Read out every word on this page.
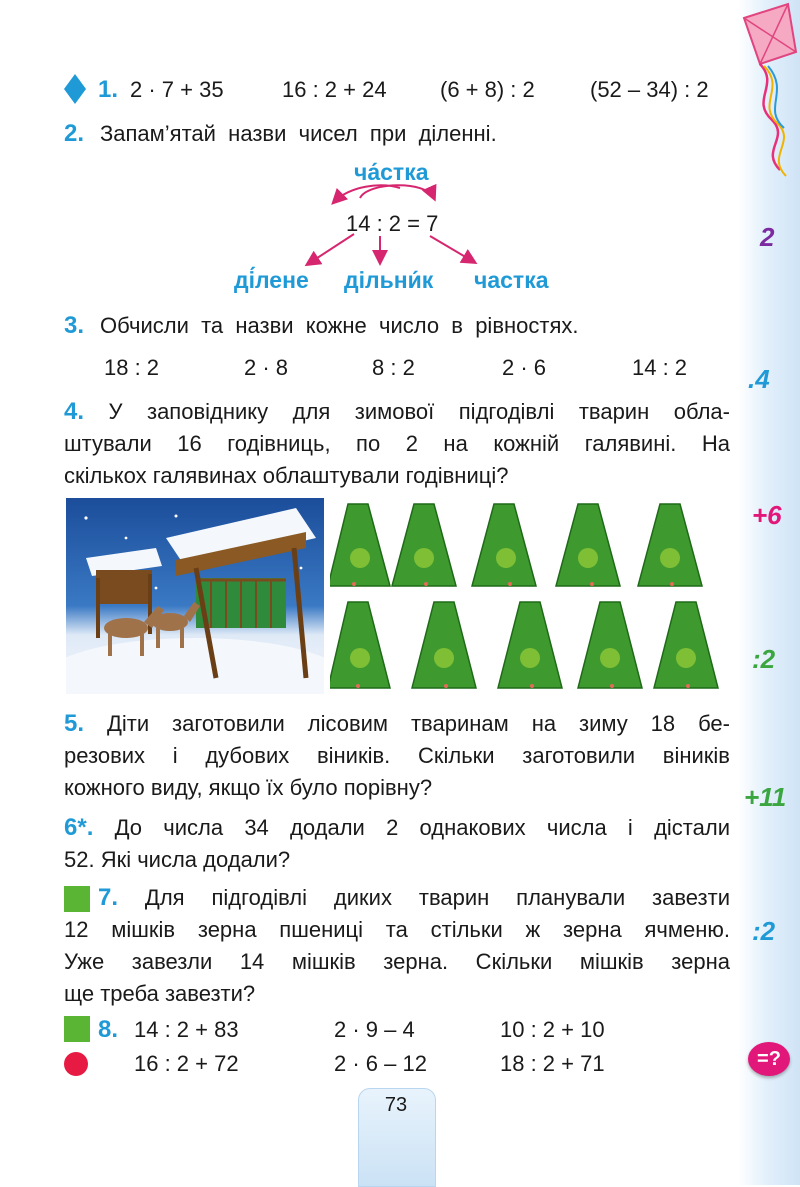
2
.4
+6
:2
+11
:2
=?
1. 2 · 7 + 35	16 : 2 + 24 (6 + 8) : 2	(52 – 34) : 2
2. Запам’ятай  назви  чисел  при  діленні.
ча́стка
14 : 2 = 7
ді́лене дільни́к частка
3. Обчисли  та  назви  кожне  число  в  рівностях.
18 : 2	2 · 8	8 : 2	2 · 6	14 : 2
4. У заповіднику для зимової підгодівлі тварин обла-
штували 16 годівниць, по 2 на кожній галявині. На
скількох галявинах облаштували годівниці?
5. Діти заготовили лісовим тваринам на зиму 18 бе-
резових і дубових віників. Скільки заготовили віників
кожного виду, якщо їх було порівну?
6*. До числа 34 додали 2 однакових числа і дістали
52. Які числа додали?
7. Для підгодівлі диких тварин планували завезти
12 мішків зерна пшениці та стільки ж зерна ячменю.
Уже завезли 14 мішків зерна. Скільки мішків зерна
ще треба завезти?
8. 14 : 2 + 83	2 · 9 – 4	10 : 2 + 10
16 : 2 + 72	2 · 6 – 12	18 : 2 + 71
73
